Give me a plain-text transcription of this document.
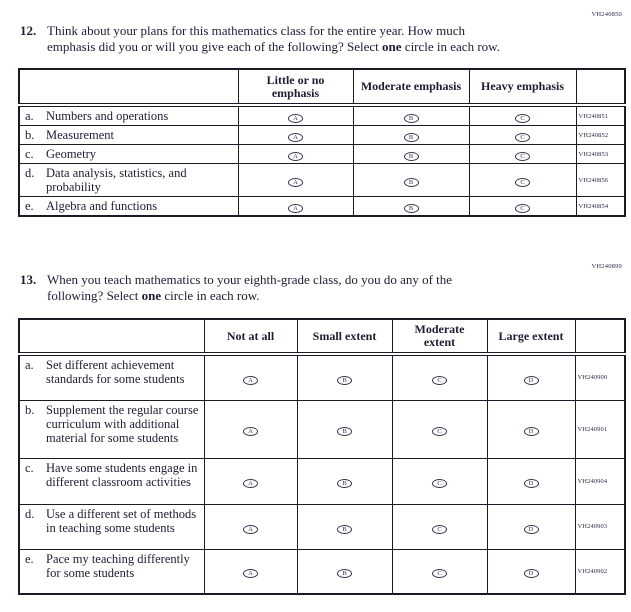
VH240850
12. Think about your plans for this mathematics class for the entire year. How much
emphasis did you or will you give each of the following? Select one circle in each row.
	Little or no emphasis	Moderate emphasis	Heavy emphasis	

a. Numbers and operations	A	B	C	VH240851

b. Measurement	A	B	C	VH240852

c. Geometry	A	B	C	VH240853

d. Data analysis, statistics, and probability	A	B	C	VH240856

e. Algebra and functions	A	B	C	VH240854
VH240899
13. When you teach mathematics to your eighth-grade class, do you do any of the
following? Select one circle in each row.
	Not at all	Small extent	Moderate extent	Large extent	

a. Set different achievement standards for some students	A	B	C	D	VH240900

b. Supplement the regular course curriculum with additional material for some students	A	B	C	D	VH240901

c. Have some students engage in different classroom activities	A	B	C	D	VH240904

d. Use a different set of methods in teaching some students	A	B	C	D	VH240903

e. Pace my teaching differently for some students	A	B	C	D	VH240902
